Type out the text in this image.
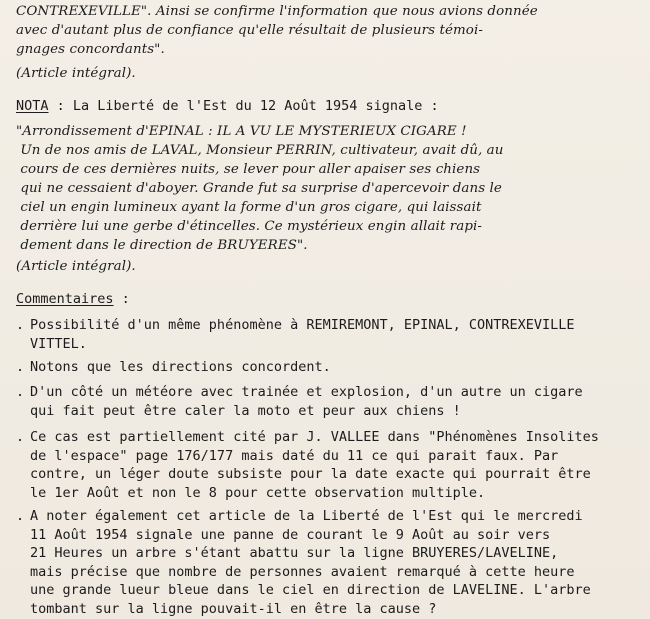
CONTREXEVILLE". Ainsi se confirme l'information que nous avions donnée

avec d'autant plus de confiance qu'elle résultait de plusieurs témoi-

gnages concordants".

(Article intégral).

NOTA : La Liberté de l'Est du 12 Août 1954 signale :

"Arrondissement d'EPINAL : IL A VU LE MYSTERIEUX CIGARE !

Un de nos amis de LAVAL, Monsieur PERRIN, cultivateur, avait dû, au

cours de ces dernières nuits, se lever pour aller apaiser ses chiens

qui ne cessaient d'aboyer. Grande fut sa surprise d'apercevoir dans le

ciel un engin lumineux ayant la forme d'un gros cigare, qui laissait

derrière lui une gerbe d'étincelles. Ce mystérieux engin allait rapi-

dement dans le direction de BRUYERES".

(Article intégral).

Commentaires :

. Possibilité d'un même phénomène à REMIREMONT, EPINAL, CONTREXEVILLE

VITTEL.

. Notons que les directions concordent.

. D'un côté un météore avec trainée et explosion, d'un autre un cigare

qui fait peut être caler la moto et peur aux chiens !

. Ce cas est partiellement cité par J. VALLEE dans "Phénomènes Insolites

de l'espace" page 176/177 mais daté du 11 ce qui parait faux. Par

contre, un léger doute subsiste pour la date exacte qui pourrait être

le 1er Août et non le 8 pour cette observation multiple.

. A noter également cet article de la Liberté de l'Est qui le mercredi

11 Août 1954 signale une panne de courant le 9 Août au soir vers

21 Heures un arbre s'étant abattu sur la ligne BRUYERES/LAVELINE,

mais précise que nombre de personnes avaient remarqué à cette heure

une grande lueur bleue dans le ciel en direction de LAVELINE. L'arbre

tombant sur la ligne pouvait-il en être la cause ?
